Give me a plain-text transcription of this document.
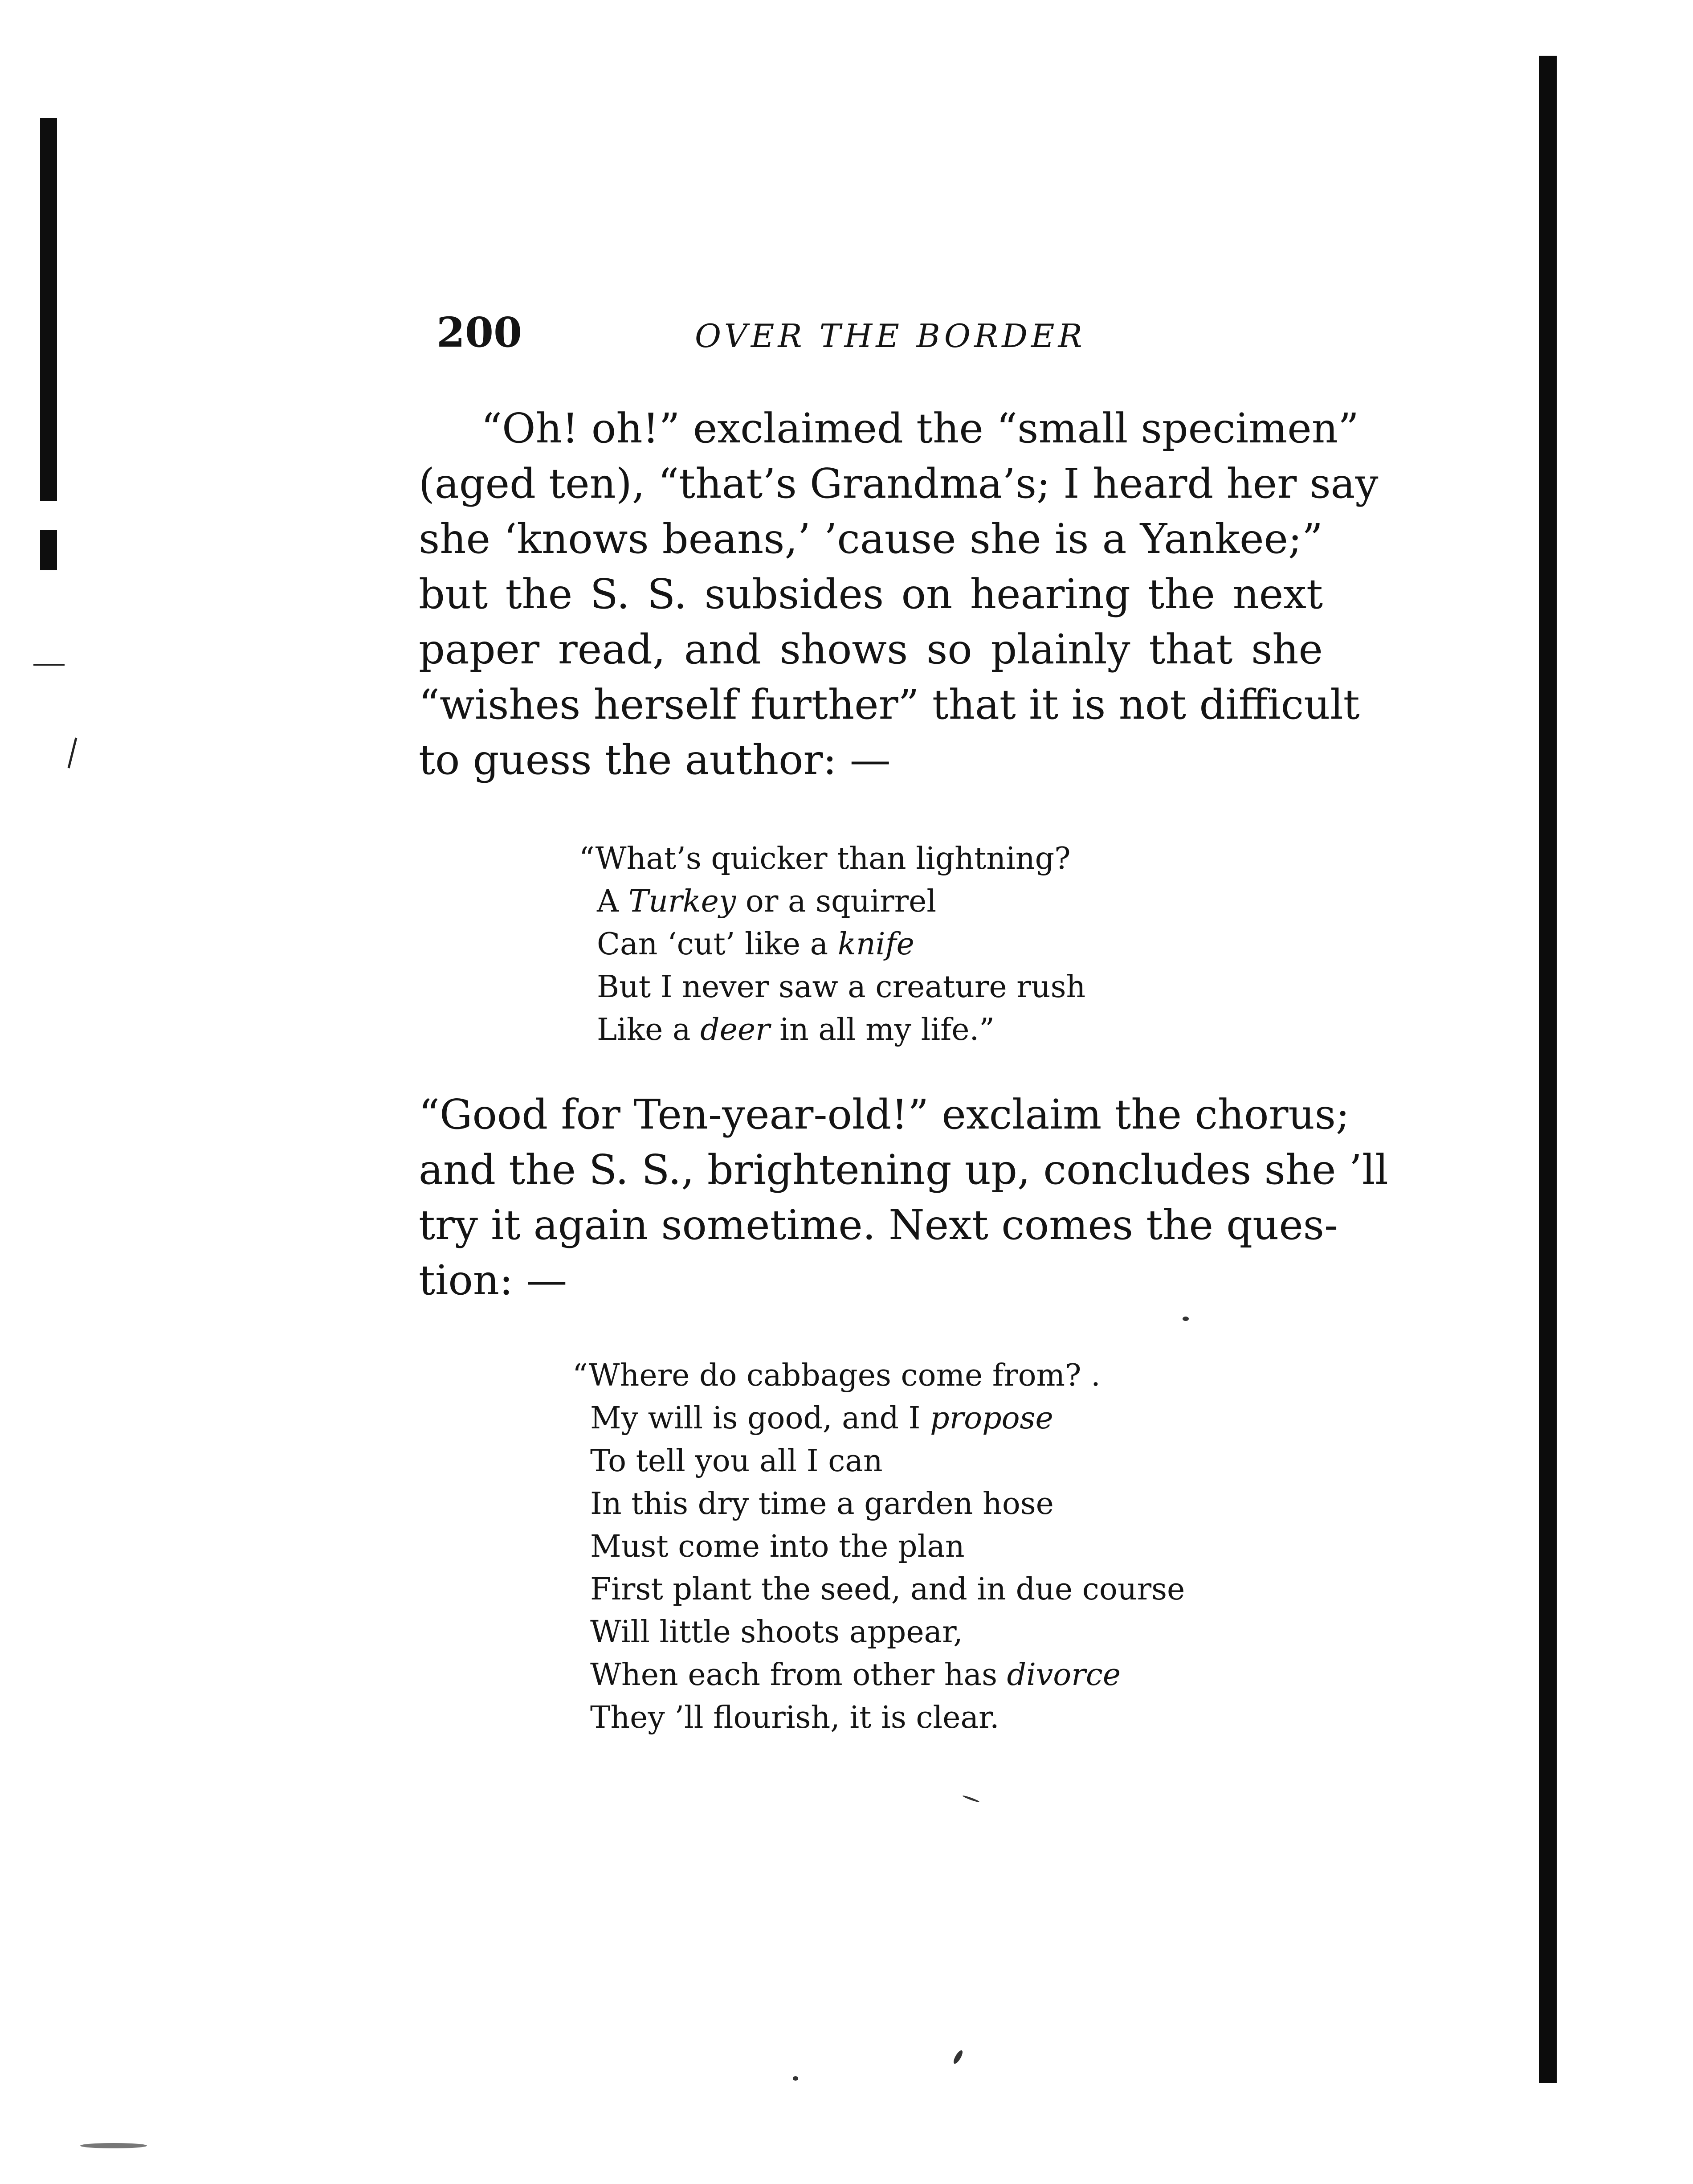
200	OVER THE BORDER
“Oh! oh!” exclaimed the “small specimen”
(aged ten), “that’s Grandma’s; I heard her say
she ‘knows beans,’ ’cause she is a Yankee;”
but the S. S. subsides on hearing the next
paper read, and shows so plainly that she
“wishes herself further” that it is not difficult
to guess the author: —
“What’s quicker than lightning?
A Turkey or a squirrel
Can ‘cut’ like a knife
But I never saw a creature rush
Like a deer in all my life.”
“Good for Ten-year-old!” exclaim the chorus;
and the S. S., brightening up, concludes she ’ll
try it again sometime. Next comes the ques-
tion: —
“Where do cabbages come from? .
My will is good, and I propose
To tell you all I can
In this dry time a garden hose
Must come into the plan
First plant the seed, and in due course
Will little shoots appear,
When each from other has divorce
They ’ll flourish, it is clear.
